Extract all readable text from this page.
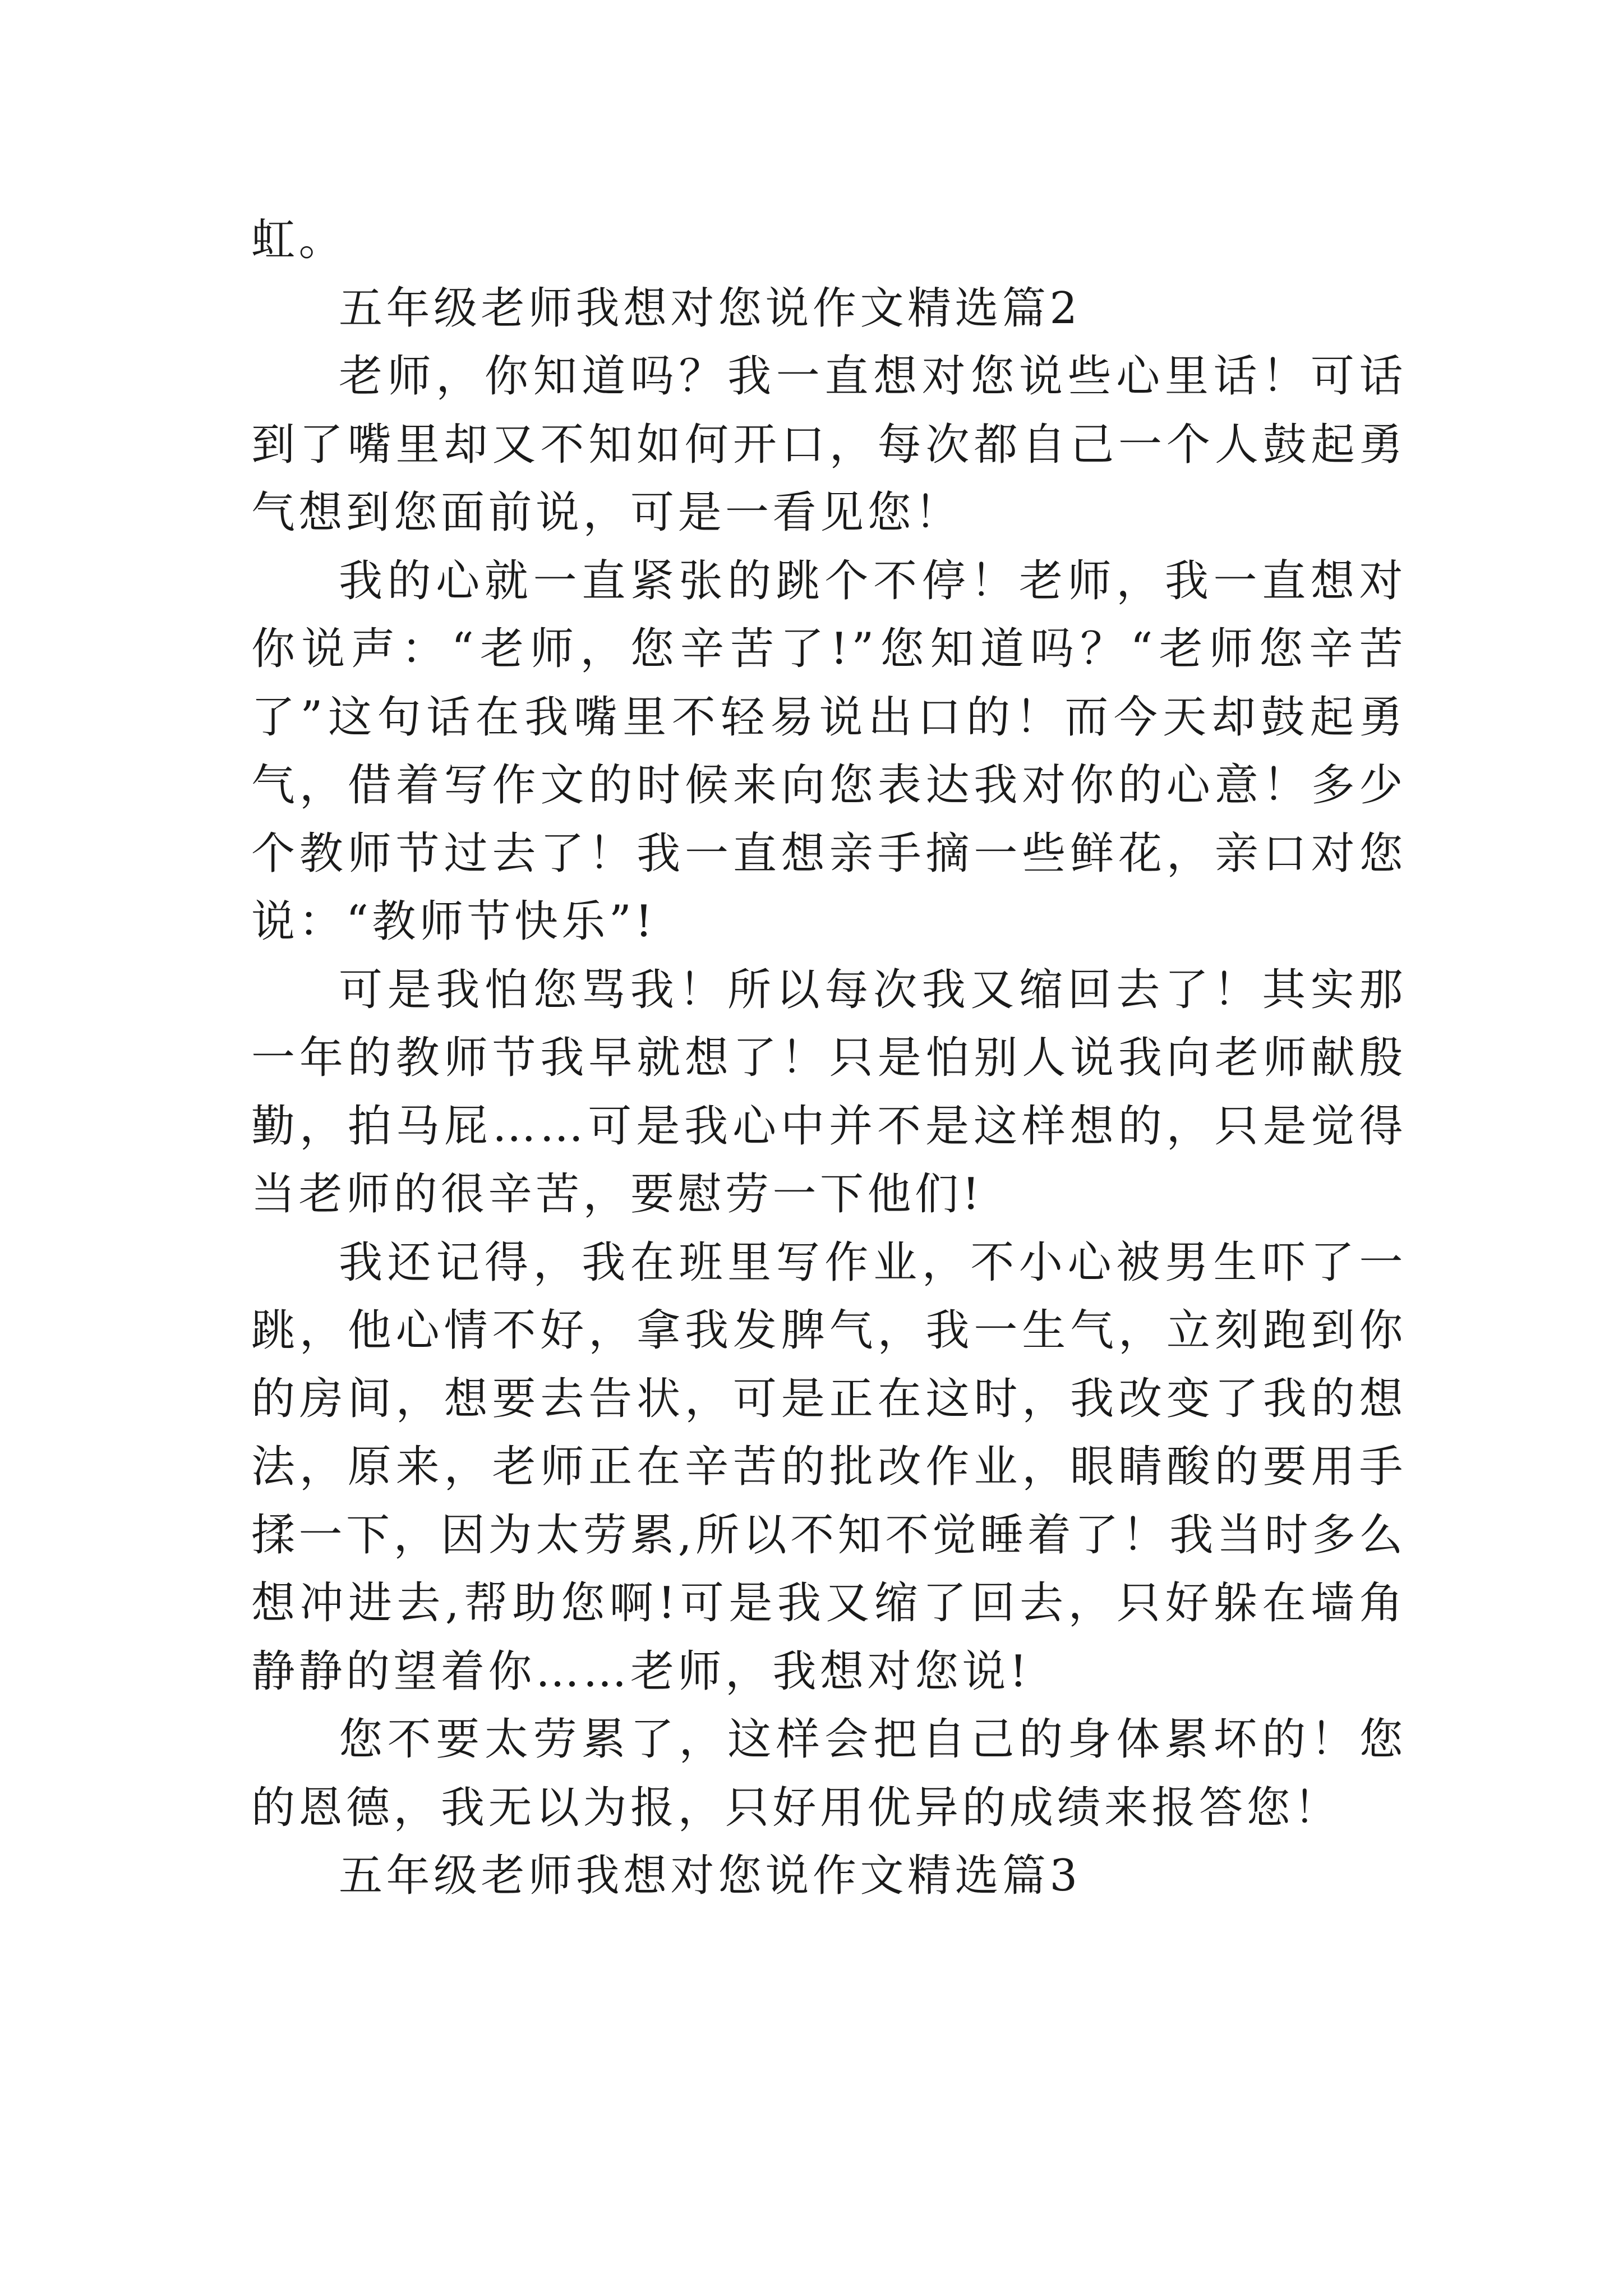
虹。

五年级老师我想对您说作文精选篇2

老师，你知道吗？我一直想对您说些心里话！可话到了嘴里却又不知如何开口，每次都自己一个人鼓起勇气想到您面前说，可是一看见您！

我的心就一直紧张的跳个不停！老师，我一直想对你说声：“老师，您辛苦了!”您知道吗？“老师您辛苦了”这句话在我嘴里不轻易说出口的！而今天却鼓起勇气，借着写作文的时候来向您表达我对你的心意！多少个教师节过去了！我一直想亲手摘一些鲜花，亲口对您说：“教师节快乐”!

可是我怕您骂我！所以每次我又缩回去了！其实那一年的教师节我早就想了！只是怕别人说我向老师献殷勤，拍马屁……可是我心中并不是这样想的，只是觉得当老师的很辛苦，要慰劳一下他们!

我还记得，我在班里写作业，不小心被男生吓了一跳，他心情不好，拿我发脾气，我一生气，立刻跑到你的房间，想要去告状，可是正在这时，我改变了我的想法，原来，老师正在辛苦的批改作业，眼睛酸的要用手揉一下，因为太劳累,所以不知不觉睡着了！我当时多么想冲进去,帮助您啊!可是我又缩了回去，只好躲在墙角静静的望着你……老师，我想对您说!

您不要太劳累了，这样会把自己的身体累坏的！您的恩德，我无以为报，只好用优异的成绩来报答您！

五年级老师我想对您说作文精选篇3
